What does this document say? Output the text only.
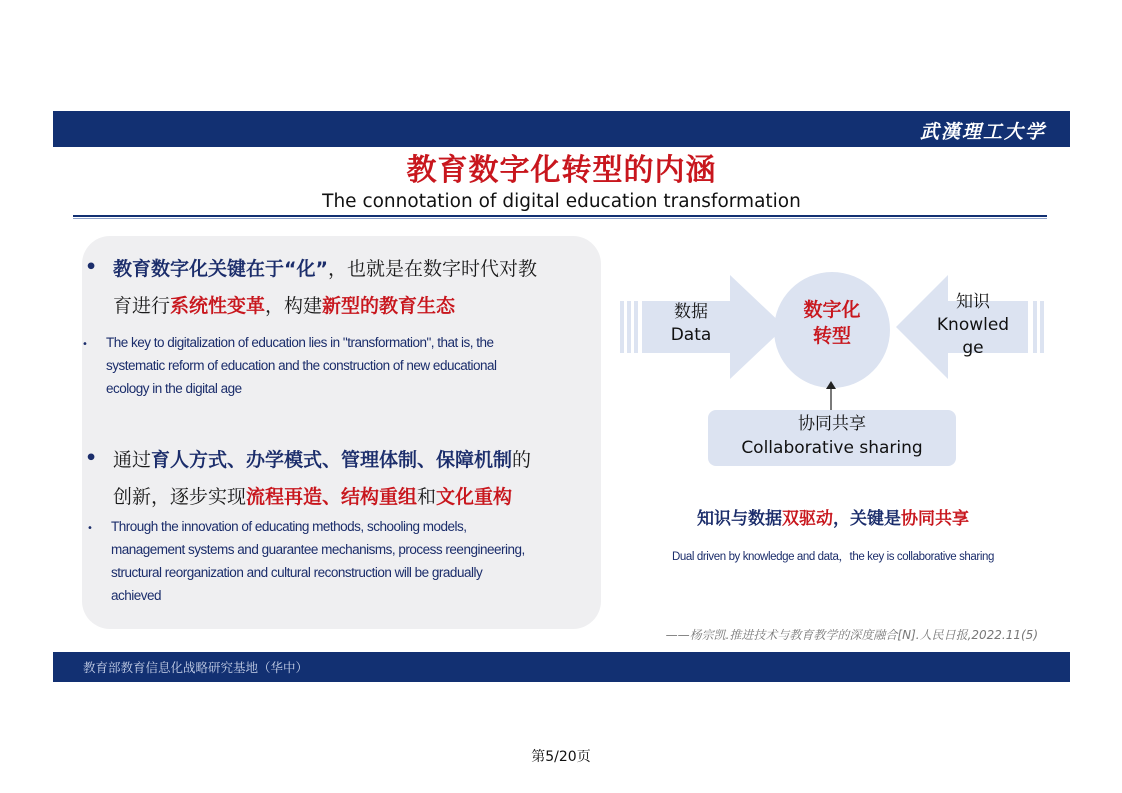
武漢理工大学
教育数字化转型的内涵
The connotation of digital education transformation
• 教育数字化关键在于“化”，也就是在数字时代对教
育进行系统性变革，构建新型的教育生态
• The key to digitalization of education lies in "transformation", that is, the
systematic reform of education and the construction of new educational
ecology in the digital age
• 通过育人方式、办学模式、管理体制、保障机制的
创新，逐步实现流程再造、结构重组和文化重构
• Through the innovation of educating methods, schooling models,
management systems and guarantee mechanisms, process reengineering,
structural reorganization and cultural reconstruction will be gradually
achieved
数据
Data
知识
Knowled
ge
数字化
转型
协同共享
Collaborative sharing
知识与数据双驱动，关键是协同共享
Dual driven by knowledge and data，the key is collaborative sharing
——杨宗凯.推进技术与教育教学的深度融合[N].人民日报,2022.11(5)
教育部教育信息化战略研究基地（华中）
第5/20页
